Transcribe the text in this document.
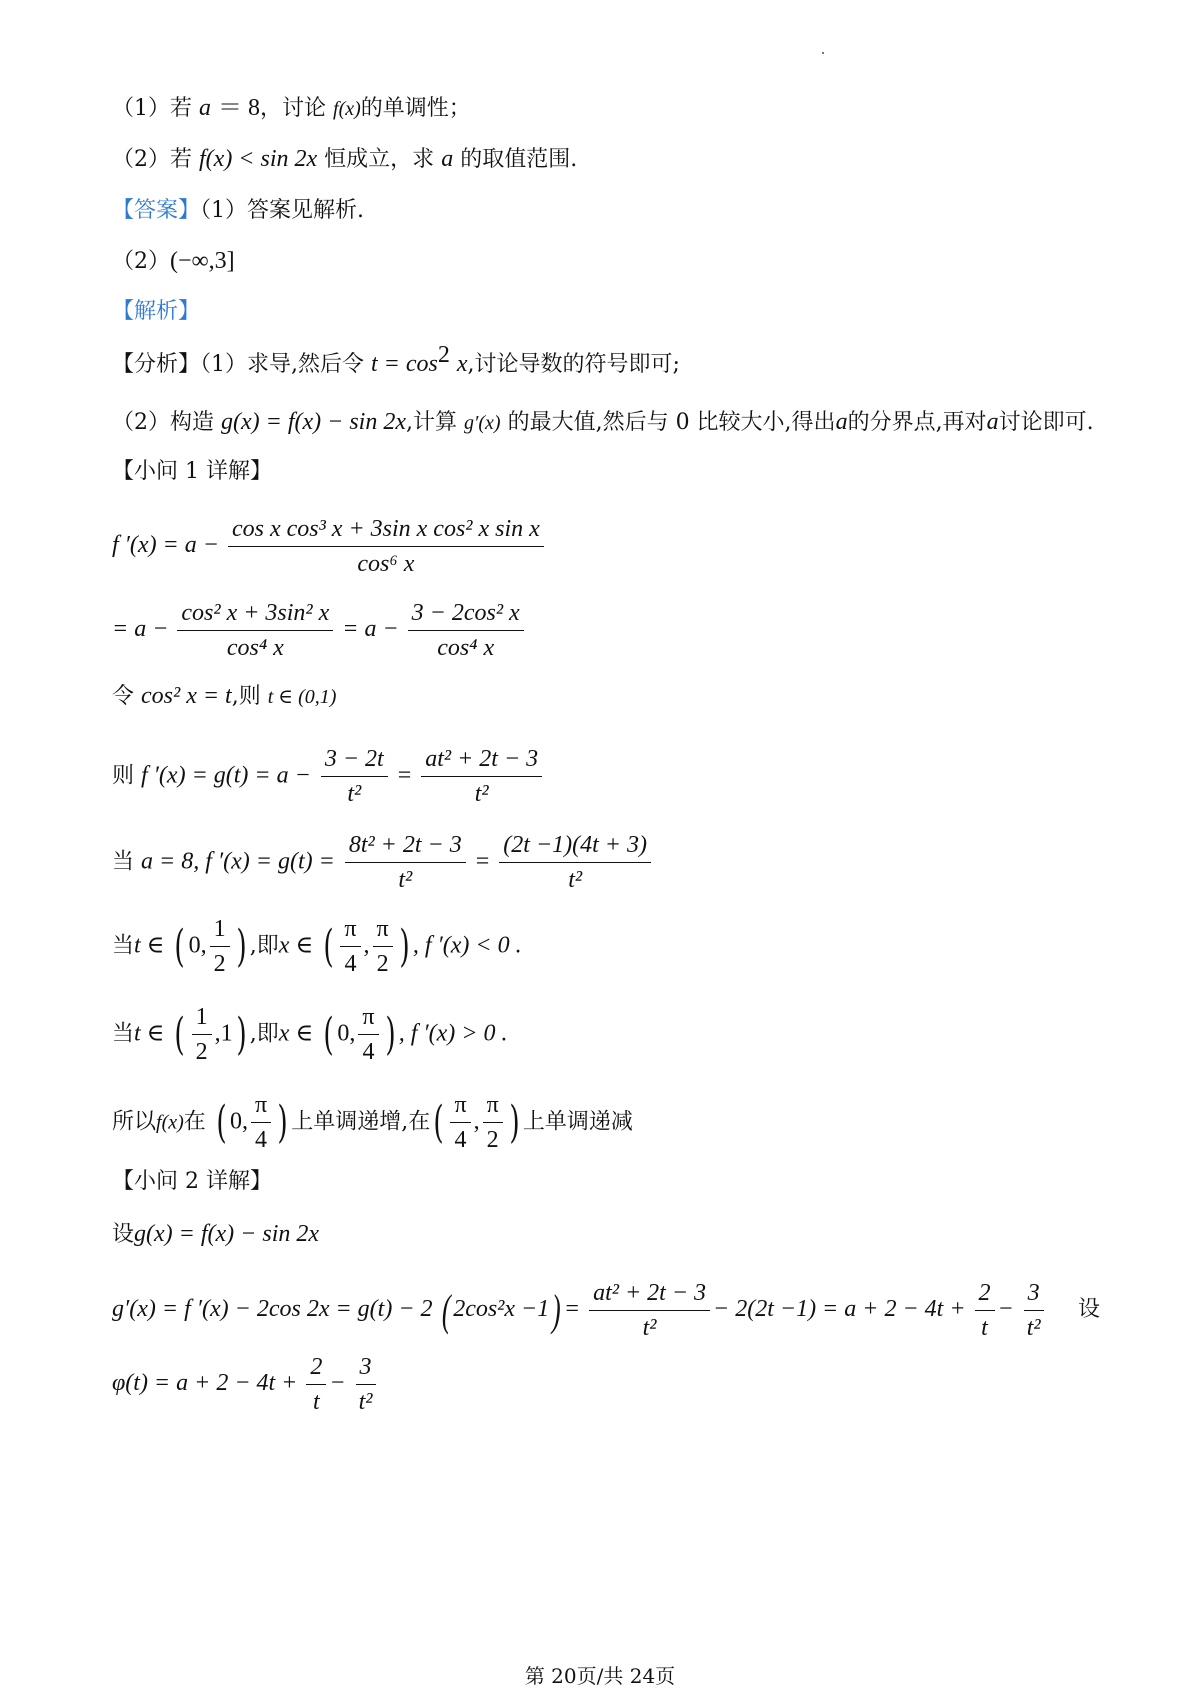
（1）若 a ＝ 8，讨论 f(x)的单调性；
（2）若 f(x) < sin 2x 恒成立，求 a 的取值范围.
【答案】（1）答案见解析.
（2）(−∞,3]
【解析】
【分析】（1）求导,然后令 $t = \cos^2 x$,讨论导数的符号即可;
（2）构造 g(x) = f(x) − sin 2x,计算 g′(x) 的最大值,然后与 0 比较大小,得出a的分界点,再对a讨论即可.
【小问 1 详解】
f $'(x) = a - \frac{\text{cos x cos³ x + 3sin x cos² x sin x}}{\text{cos⁶ x}}$
= $a - \frac{\text{cos² x + 3sin² x}}{\text{cos⁴ x}} = a - \frac{\text{3 − 2cos² x}}{\text{cos⁴ x}}$
令 cos² x = t,则 t ∈ (0,1)
则 f $'(x) = g(t) = a - \frac{3 - 2t}{\text{t²}} = \frac{\text{at² + 2t − 3}}{\text{t²}}$
当 a = 8, f $'(x) = g(t) = \frac{\text{8t² + 2t − 3}}{\text{t²}} = \frac{(2t -1)(4t + 3)}{\text{t²}}$
当t ∈ ( 0, $\frac{1}{2}$ ) ,即x ∈ ( $\frac{\pi}{4}$ , $\frac{\pi}{2}$ ) , f ′(x) < 0 .
当t ∈ ( $\frac{1}{2} ,1$) ,即x ∈ ( 0, $\frac{\pi}{4}$ ) , f ′(x) > 0 .
所以f(x)在 ( 0, $\frac{\pi}{4}$ ) 上单调递增,在( $\frac{\pi}{4}$ , $\frac{\pi}{2}$ ) 上单调递减
【小问 2 详解】
设g(x) = f(x) − sin 2x
g′(x) = f ′(x) − 2cos 2x = g(t) − 2 ( $2\cos^2x -1) = \frac{\text{at² + 2t − 3}}{\text{t²}} - 2(2t -1) = a + 2 - 4t + \frac{2}{t} - \frac{3}{\text{t²}}$ 设
$\varphi(t) = a + 2 - 4t + \frac{2}{t} - \frac{3}{\text{t²}}$
第 20页/共 24页
